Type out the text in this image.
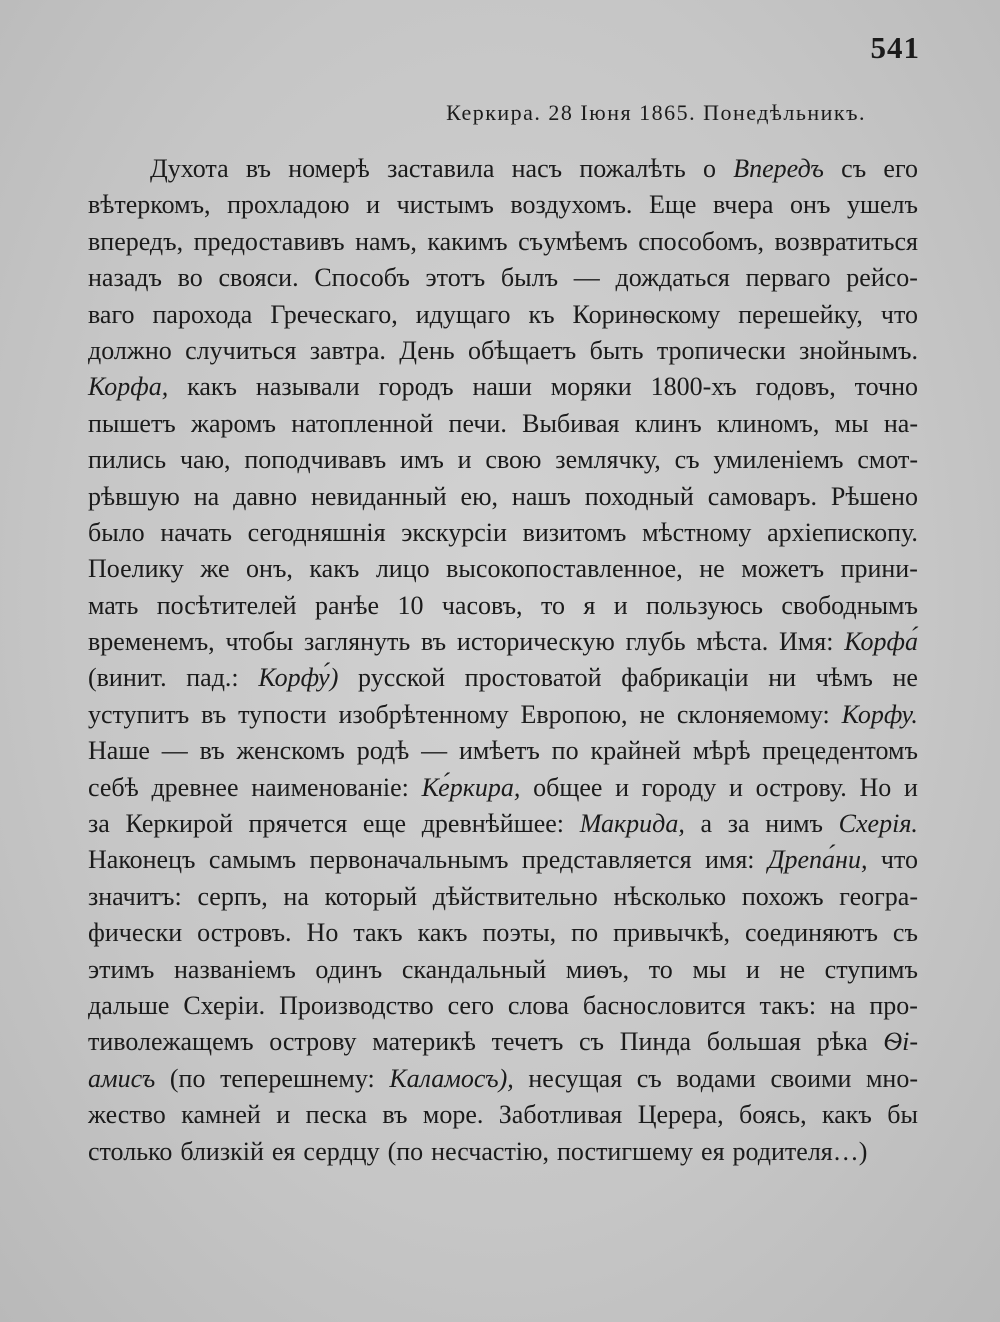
541
Керкира. 28 Іюня 1865. Понедѣльникъ.
Духота въ номерѣ заставила насъ пожалѣть о Впередъ съ его
вѣтеркомъ, прохладою и чистымъ воздухомъ. Еще вчера онъ ушелъ
впередъ, предоставивъ намъ, какимъ съумѣемъ способомъ, возвратиться
назадъ во свояси. Способъ этотъ былъ — дождаться перваго рейсо-
ваго парохода Греческаго, идущаго къ Коринѳскому перешейку, что
должно случиться завтра. День обѣщаетъ быть тропически знойнымъ.
Корфа, какъ называли городъ наши моряки 1800-хъ годовъ, точно
пышетъ жаромъ натопленной печи. Выбивая клинъ клиномъ, мы на-
пились чаю, поподчивавъ имъ и свою землячку, съ умиленіемъ смот-
рѣвшую на давно невиданный ею, нашъ походный самоваръ. Рѣшено
было начать сегодняшнія экскурсіи визитомъ мѣстному архіепископу.
Поелику же онъ, какъ лицо высокопоставленное, не можетъ прини-
мать посѣтителей ранѣе 10 часовъ, то я и пользуюсь свободнымъ
временемъ, чтобы заглянуть въ историческую глубь мѣста. Имя: Корфа́
(винит. пад.: Корфу́) русской простоватой фабрикаціи ни чѣмъ не
уступитъ въ тупости изобрѣтенному Европою, не склоняемому: Корфу.
Наше — въ женскомъ родѣ — имѣетъ по крайней мѣрѣ прецедентомъ
себѣ древнее наименованіе: Ке́ркира, общее и городу и острову. Но и
за Керкирой прячется еще древнѣйшее: Макрида, а за нимъ Схерія.
Наконецъ самымъ первоначальнымъ представляется имя: Дрепа́ни, что
значитъ: серпъ, на который дѣйствительно нѣсколько похожъ геогра-
фически островъ. Но такъ какъ поэты, по привычкѣ, соединяютъ съ
этимъ названіемъ одинъ скандальный миѳъ, то мы и не ступимъ
дальше Схеріи. Производство сего слова баснословится такъ: на про-
тиволежащемъ острову материкѣ течетъ съ Пинда большая рѣка Ѳі-
амисъ (по теперешнему: Каламосъ), несущая съ водами своими мно-
жество камней и песка въ море. Заботливая Церера, боясь, какъ бы
столько близкій ея сердцу (по несчастію, постигшему ея родителя…)
